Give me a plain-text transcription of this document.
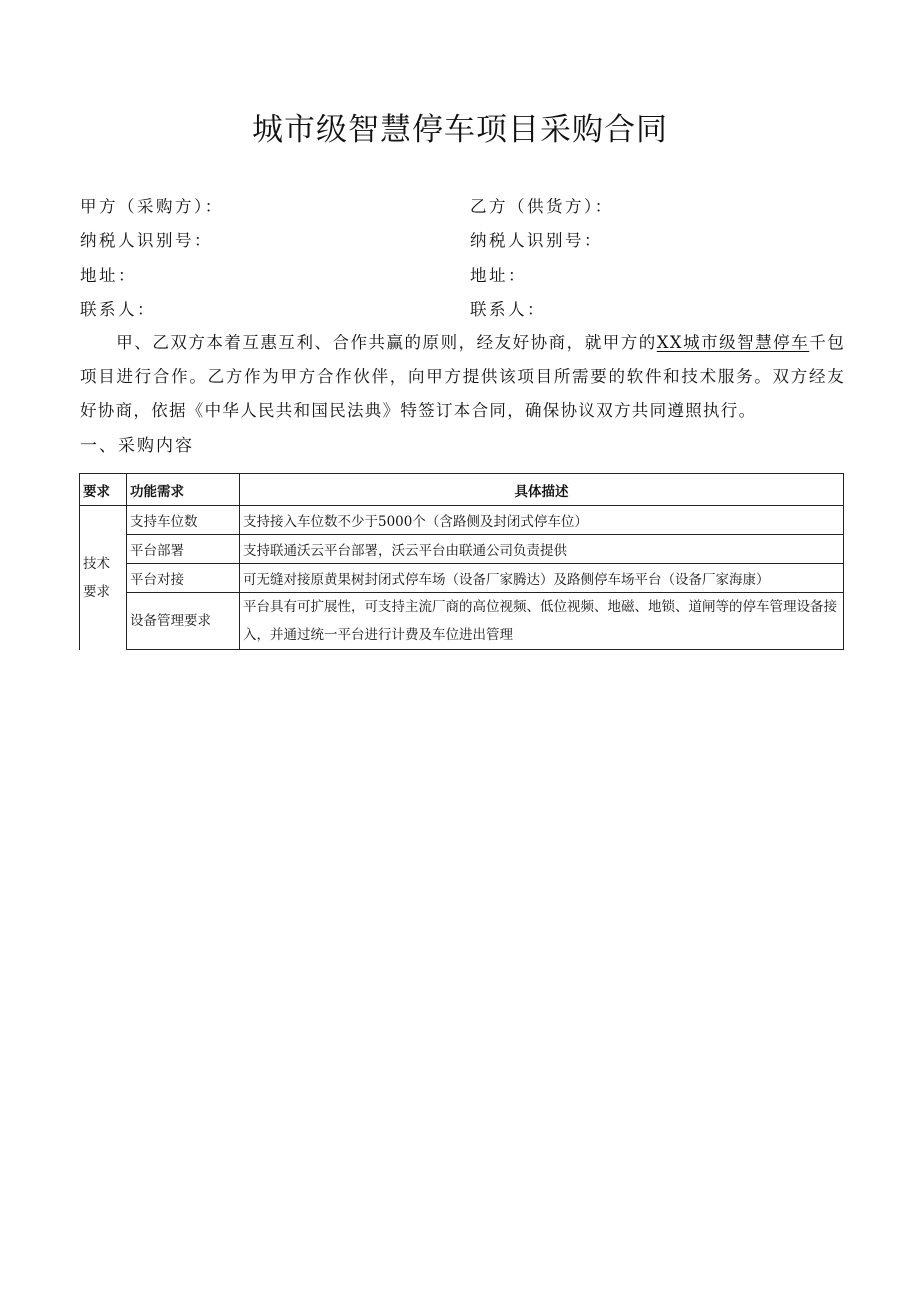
城市级智慧停车项目采购合同
甲方（采购方）：	乙方（供货方）：
纳税人识别号：	纳税人识别号：
地址：	地址：
联系人：	联系人：
甲、乙双方本着互惠互利、合作共赢的原则，经友好协商，就甲方的XX城市级智慧停车千包项目进行合作。乙方作为甲方合作伙伴，向甲方提供该项目所需要的软件和技术服务。双方经友好协商，依据《中华人民共和国民法典》特签订本合同，确保协议双方共同遵照执行。
一、采购内容
要求	功能需求	具体描述
技术要求	支持车位数	支持接入车位数不少于5000个（含路侧及封闭式停车位）
	平台部署	支持联通沃云平台部署，沃云平台由联通公司负责提供
	平台对接	可无缝对接原黄果树封闭式停车场（设备厂家腾达）及路侧停车场平台（设备厂家海康）
	设备管理要求	平台具有可扩展性，可支持主流厂商的高位视频、低位视频、地磁、地锁、道闸等的停车管理设备接入，并通过统一平台进行计费及车位进出管理
